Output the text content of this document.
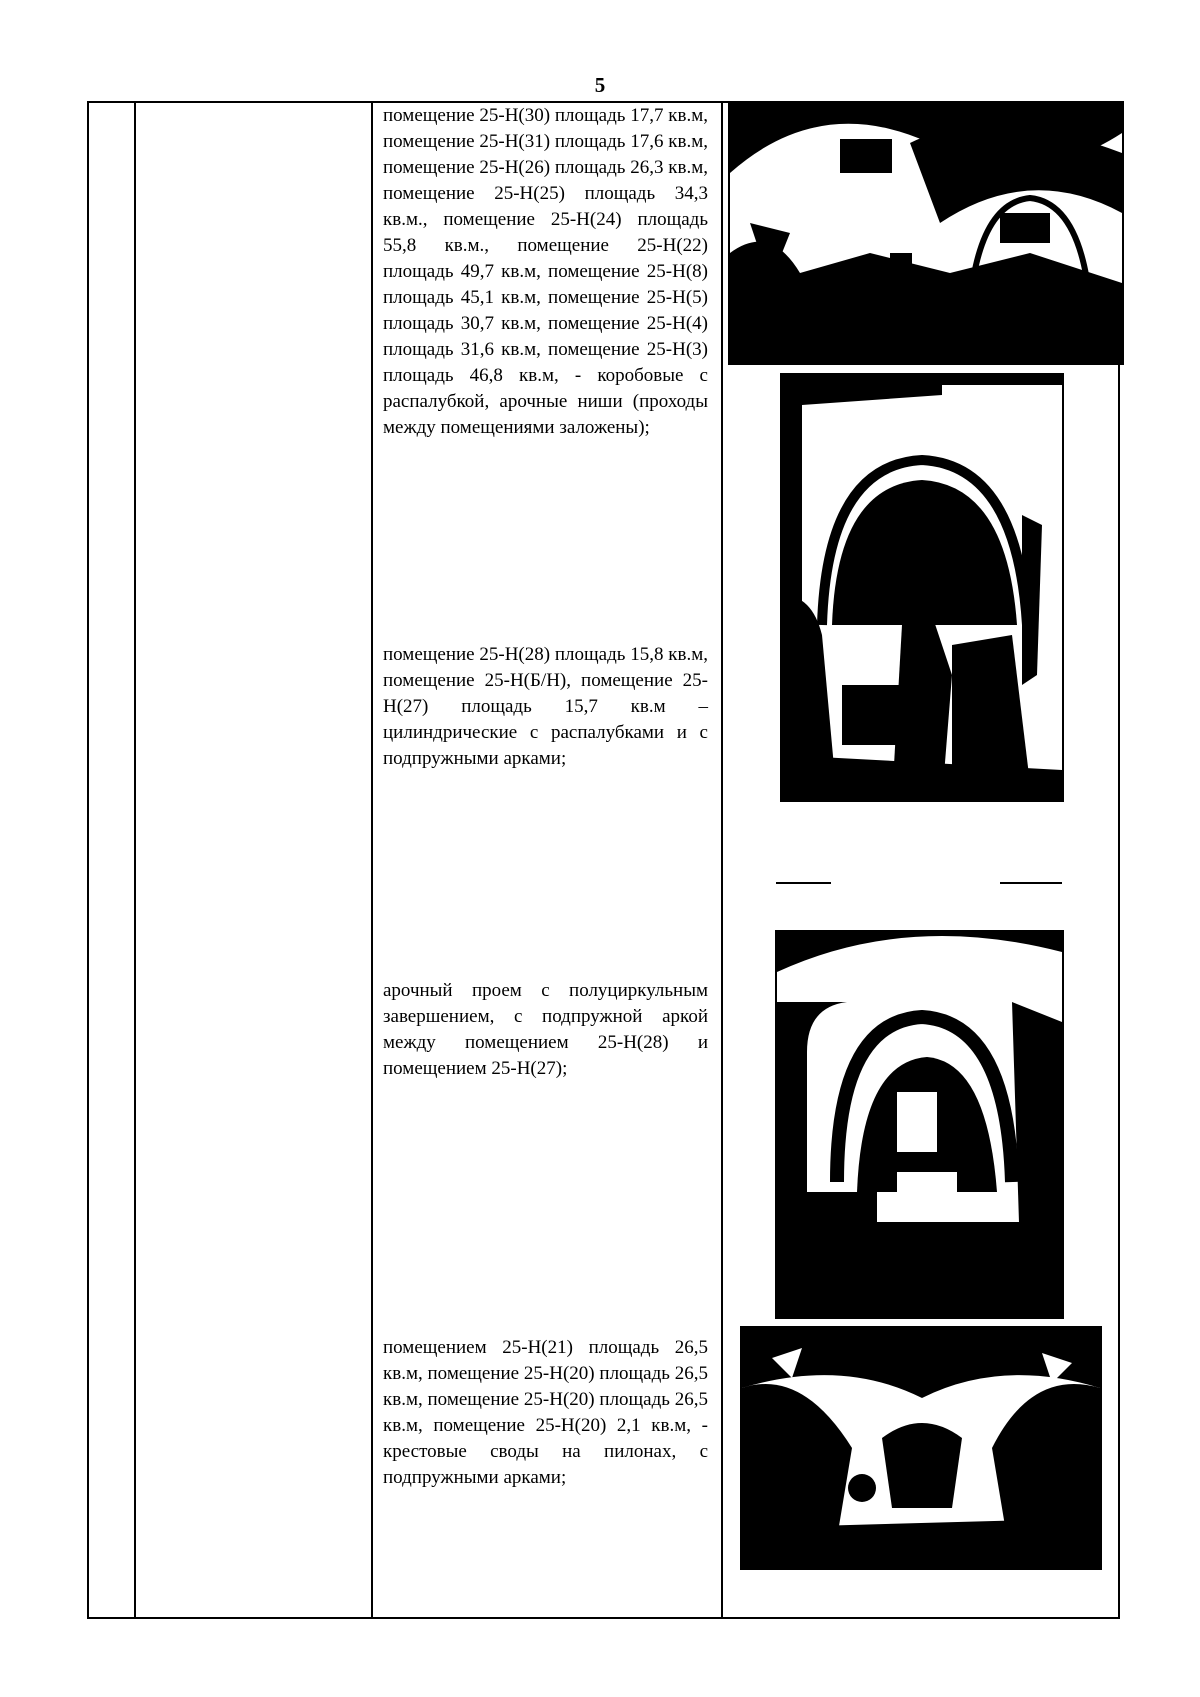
5
помещение 25-Н(30) площадь 17,7 кв.м, помещение 25-Н(31) площадь 17,6 кв.м, помещение 25-Н(26) площадь 26,3 кв.м, помещение 25-Н(25) площадь 34,3 кв.м., помещение 25-Н(24) площадь 55,8 кв.м., помещение 25-Н(22) площадь 49,7 кв.м, помещение 25-Н(8) площадь 45,1 кв.м, помещение 25-Н(5) площадь 30,7 кв.м, помещение 25-Н(4) площадь 31,6 кв.м, помещение 25-Н(3) площадь 46,8 кв.м, - коробовые с распалубкой, арочные ниши (проходы между помещениями заложены);
помещение 25-Н(28) площадь 15,8 кв.м, помещение 25-Н(Б/Н), помещение 25-Н(27) площадь 15,7 кв.м – цилиндрические с распалубками и с подпружными арками;
арочный проем с полуциркульным завершением, с подпружной аркой между помещением 25-Н(28) и помещением 25-Н(27);
помещением 25-Н(21) площадь 26,5 кв.м, помещение 25-Н(20) площадь 26,5 кв.м, помещение 25-Н(20) площадь 26,5 кв.м, помещение 25-Н(20) 2,1 кв.м, - крестовые своды на пилонах, с подпружными арками;
